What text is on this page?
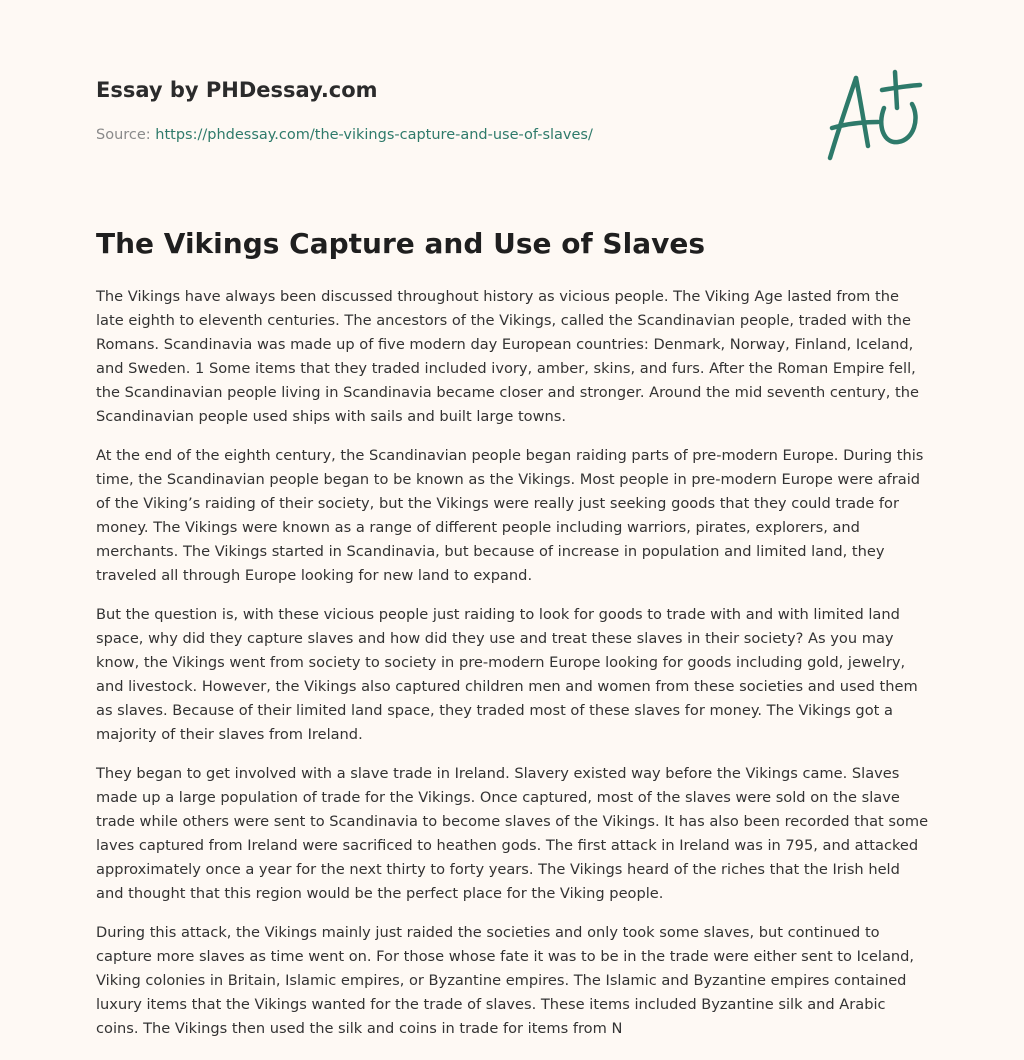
Essay by PHDessay.com
Source: https://phdessay.com/the-vikings-capture-and-use-of-slaves/
The Vikings Capture and Use of Slaves

The Vikings have always been discussed throughout history as vicious people. The Viking Age lasted from the late eighth to eleventh centuries. The ancestors of the Vikings, called the Scandinavian people, traded with the Romans. Scandinavia was made up of five modern day European countries: Denmark, Norway, Finland, Iceland, and Sweden. 1 Some items that they traded included ivory, amber, skins, and furs. After the Roman Empire fell, the Scandinavian people living in Scandinavia became closer and stronger. Around the mid seventh century, the Scandinavian people used ships with sails and built large towns.

At the end of the eighth century, the Scandinavian people began raiding parts of pre-modern Europe. During this time, the Scandinavian people began to be known as the Vikings. Most people in pre-modern Europe were afraid of the Viking’s raiding of their society, but the Vikings were really just seeking goods that they could trade for money. The Vikings were known as a range of different people including warriors, pirates, explorers, and merchants. The Vikings started in Scandinavia, but because of increase in population and limited land, they traveled all through Europe looking for new land to expand.

But the question is, with these vicious people just raiding to look for goods to trade with and with limited land space, why did they capture slaves and how did they use and treat these slaves in their society? As you may know, the Vikings went from society to society in pre-modern Europe looking for goods including gold, jewelry, and livestock. However, the Vikings also captured children men and women from these societies and used them as slaves. Because of their limited land space, they traded most of these slaves for money. The Vikings got a majority of their slaves from Ireland.

They began to get involved with a slave trade in Ireland. Slavery existed way before the Vikings came. Slaves made up a large population of trade for the Vikings. Once captured, most of the slaves were sold on the slave trade while others were sent to Scandinavia to become slaves of the Vikings. It has also been recorded that some laves captured from Ireland were sacrificed to heathen gods. The first attack in Ireland was in 795, and attacked approximately once a year for the next thirty to forty years. The Vikings heard of the riches that the Irish held and thought that this region would be the perfect place for the Viking people.

During this attack, the Vikings mainly just raided the societies and only took some slaves, but continued to capture more slaves as time went on. For those whose fate it was to be in the trade were either sent to Iceland, Viking colonies in Britain, Islamic empires, or Byzantine empires. The Islamic and Byzantine empires contained luxury items that the Vikings wanted for the trade of slaves. These items included Byzantine silk and Arabic coins. The Vikings then used the silk and coins in trade for items from N
